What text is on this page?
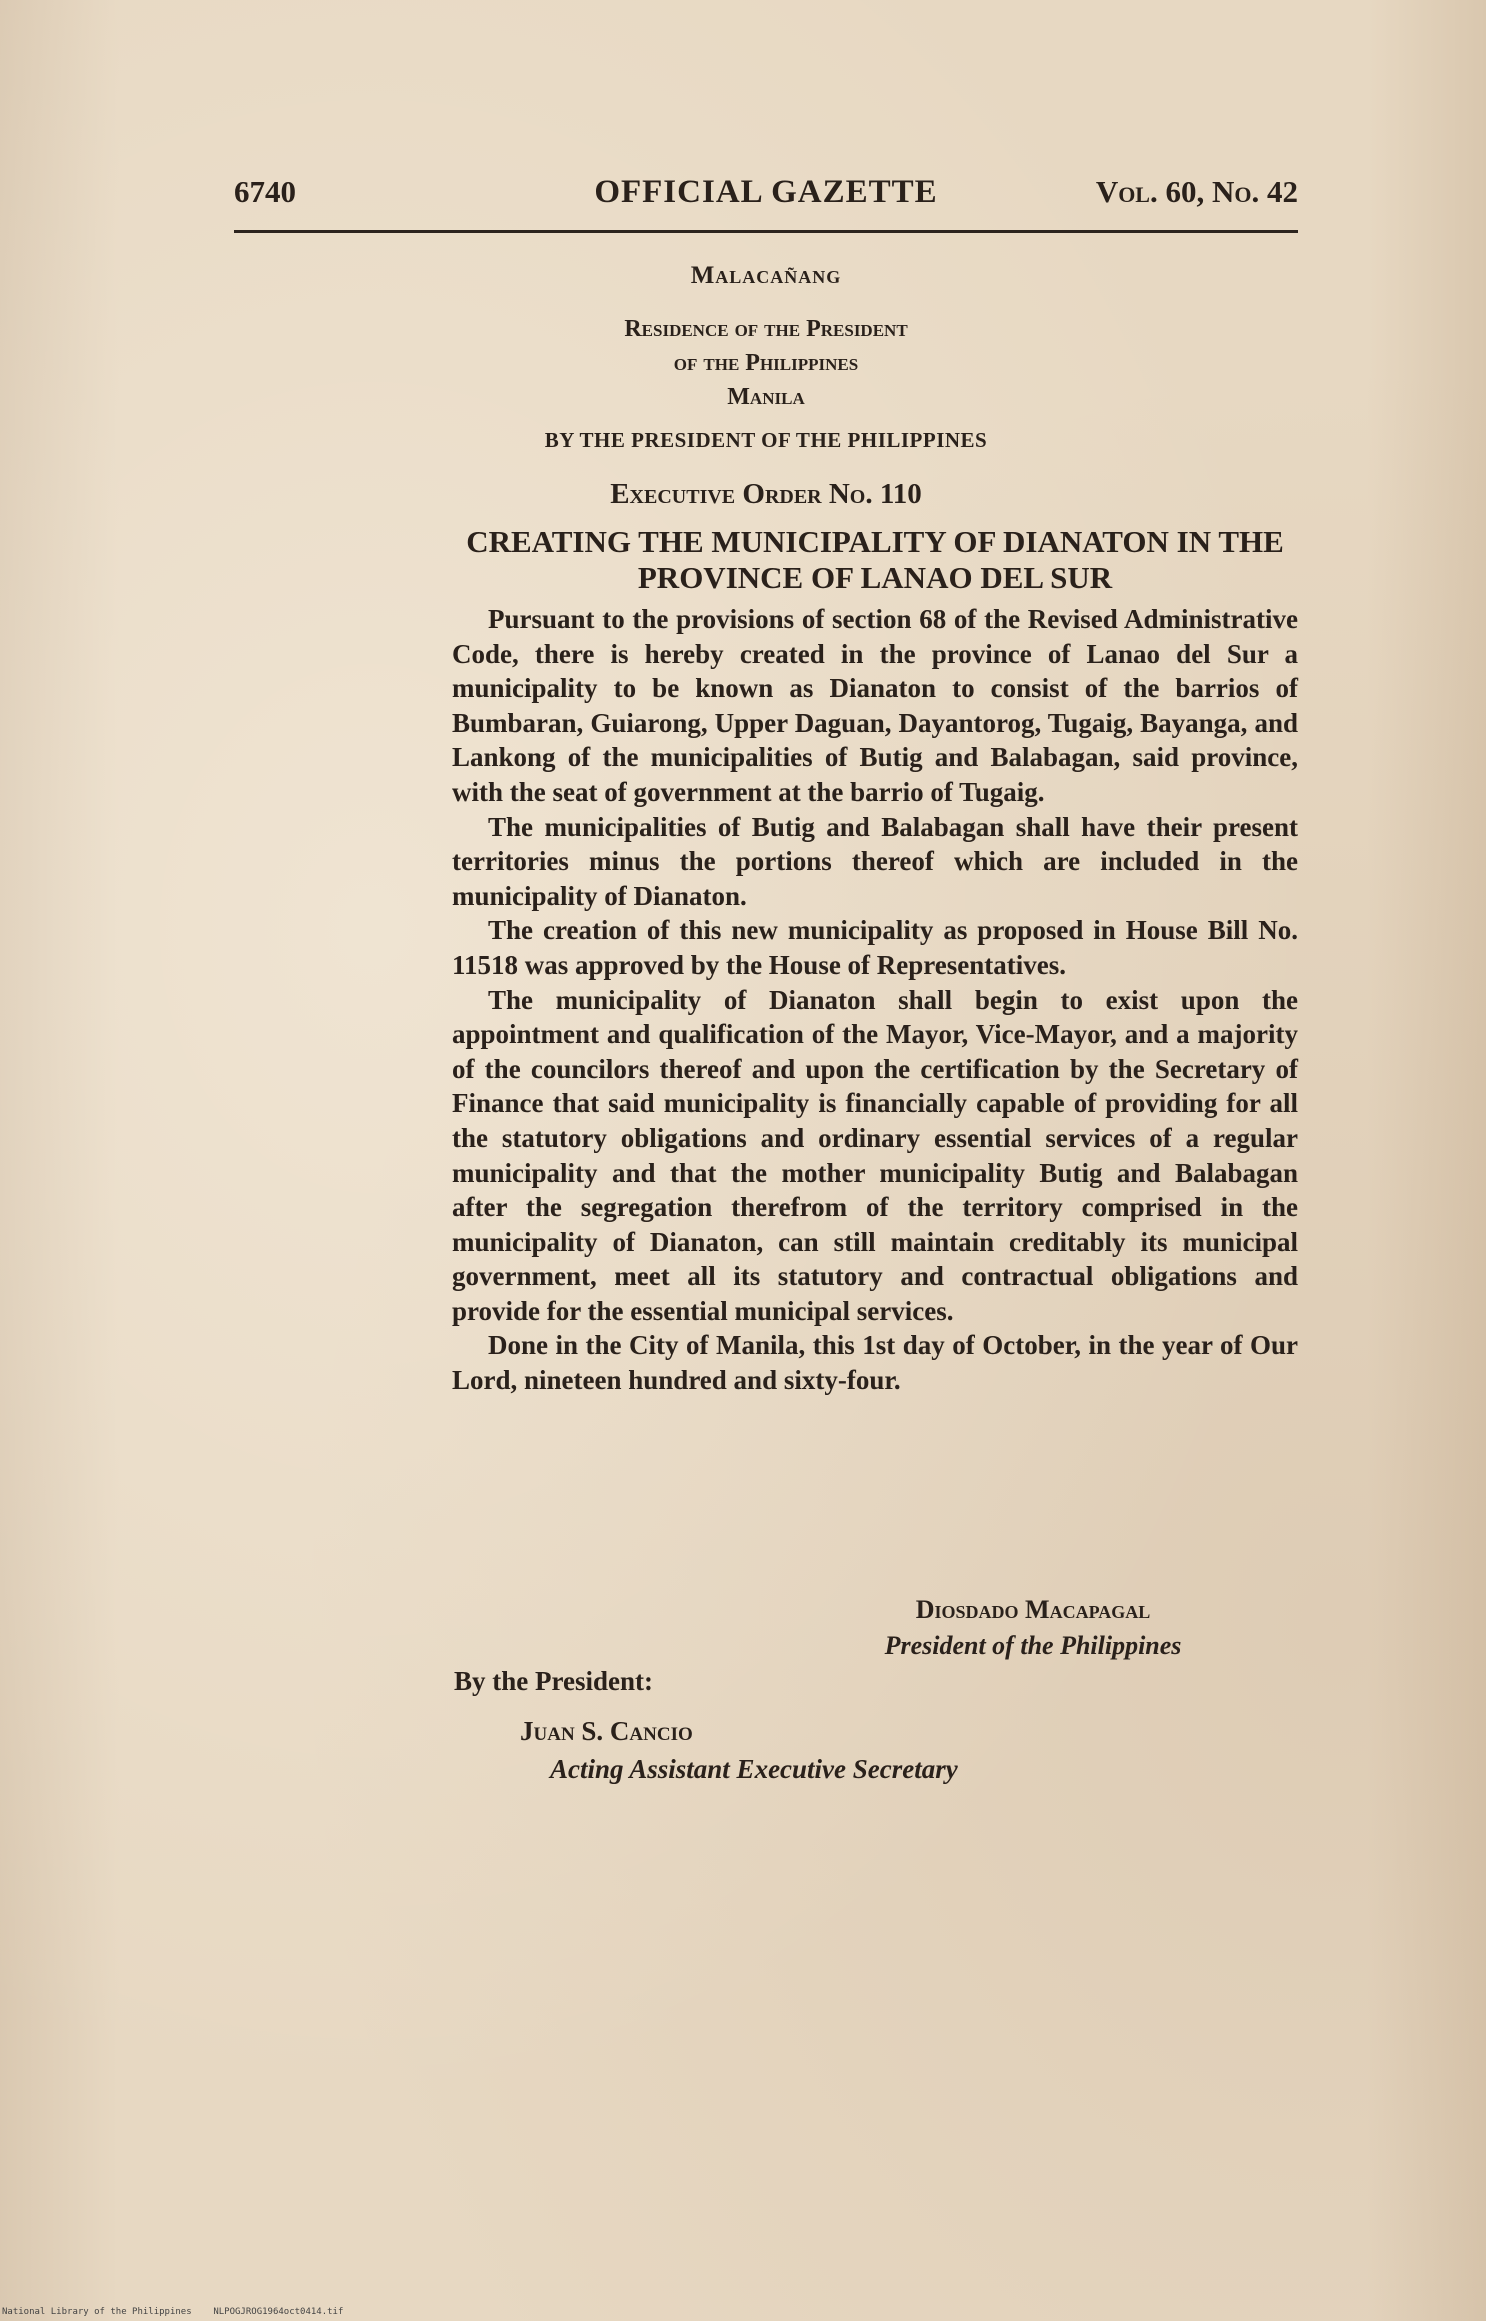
6740	OFFICIAL GAZETTE	Vol. 60, No. 42

Malacañang

Residence of the President

of the Philippines

Manila

BY THE PRESIDENT OF THE PHILIPPINES

Executive Order No. 110

CREATING THE MUNICIPALITY OF DIANATON IN THE PROVINCE OF LANAO DEL SUR

Pursuant to the provisions of section 68 of the Revised Administrative Code, there is hereby created in the province of Lanao del Sur a municipality to be known as Dianaton to consist of the barrios of Bumbaran, Guiarong, Upper Daguan, Dayantorog, Tugaig, Bayanga, and Lankong of the municipalities of Butig and Balabagan, said province, with the seat of government at the barrio of Tugaig.

The municipalities of Butig and Balabagan shall have their present territories minus the portions thereof which are included in the municipality of Dianaton.

The creation of this new municipality as proposed in House Bill No. 11518 was approved by the House of Representatives.

The municipality of Dianaton shall begin to exist upon the appointment and qualification of the Mayor, Vice-Mayor, and a majority of the councilors thereof and upon the certification by the Secretary of Finance that said municipality is financially capable of providing for all the statutory obligations and ordinary essential services of a regular municipality and that the mother municipality Butig and Balabagan after the segregation therefrom of the territory comprised in the municipality of Dianaton, can still maintain creditably its municipal government, meet all its statutory and contractual obligations and provide for the essential municipal services.

Done in the City of Manila, this 1st day of October, in the year of Our Lord, nineteen hundred and sixty-four.

Diosdado Macapagal
President of the Philippines
By the President:
Juan S. Cancio
Acting Assistant Executive Secretary
National Library of the Philippines NLPOGJROG1964oct0414.tif
